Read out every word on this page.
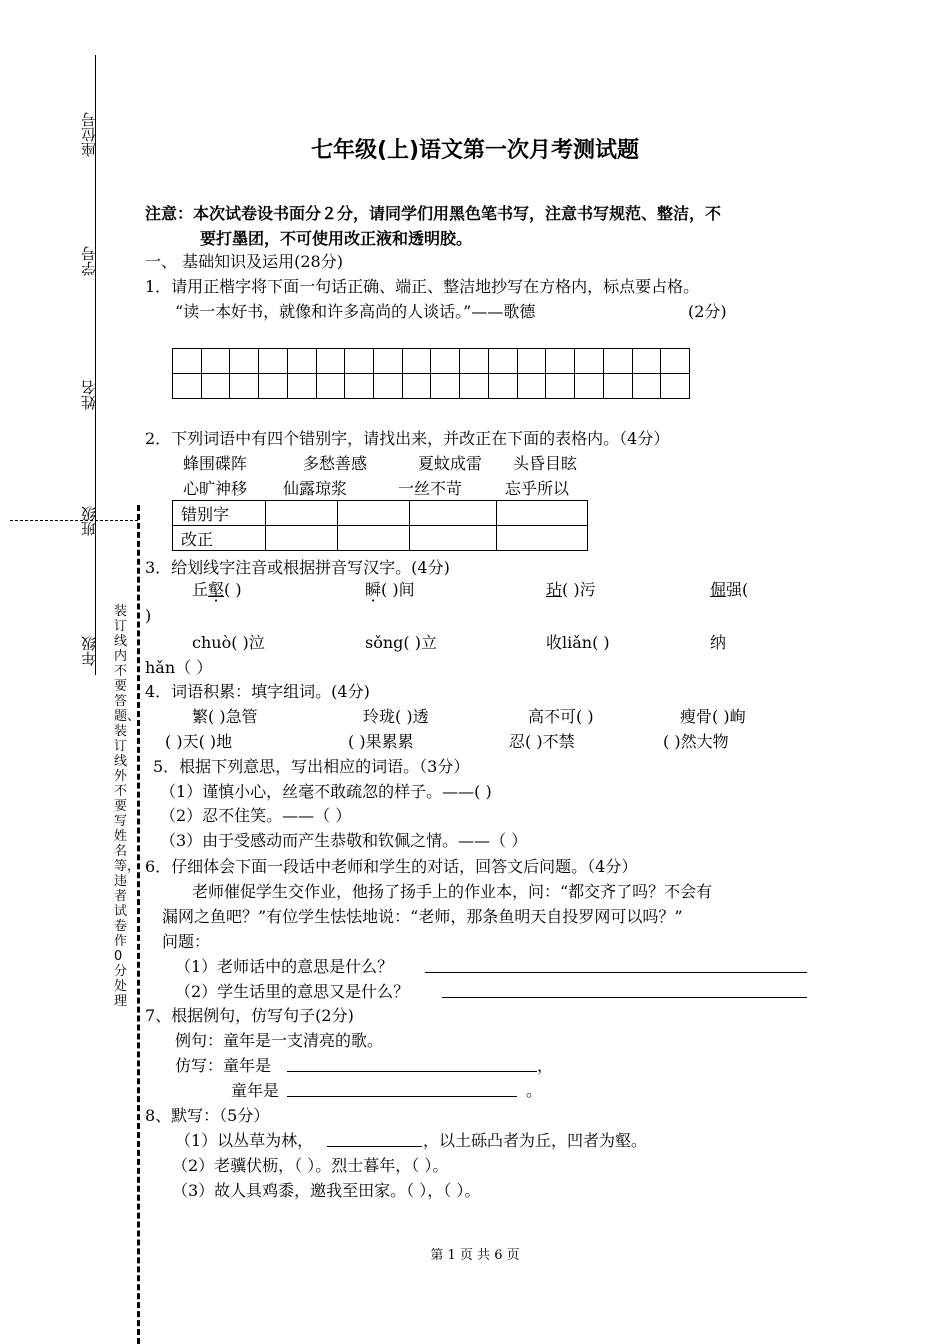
座位号
学号
姓名
班级
年级
装订线内不要答题、装订线外不要写姓名等，违者试卷作0分处理
七年级(上)语文第一次月考测试题
注意：本次试卷设书面分２分，请同学们用黑色笔书写，注意书写规范、整洁，不
要打墨团，不可使用改正液和透明胶。
一、 基础知识及运用(28分)
1．请用正楷字将下面一句话正确、端正、整洁地抄写在方格内，标点要占格。
“读一本好书，就像和许多高尚的人谈话。”——歌德	(2分)

2．下列词语中有四个错别字，请找出来，并改正在下面的表格内。（4分）
蜂围碟阵	多愁善感	夏蚊成雷 头昏目眩
心旷神移 仙露琼浆	一丝不苛	忘乎所以
错别字				
改正				
3．给划线字注音或根据拼音写汉字。(4分)
丘壑( )	瞬( )间	玷( )污	倔强(
)
chuò( )泣	sǒng( )立	收liǎn( )	纳
hǎn（ ）
4．词语积累：填字组词。(4分)
繁( )急管	玲珑( )透	高不可( )	瘦骨( )峋
( )天( )地	( )果累累	忍( )不禁	( )然大物
5．根据下列意思，写出相应的词语。（3分）
（1）谨慎小心，丝毫不敢疏忽的样子。——( )
（2）忍不住笑。——（ ）
（3）由于受感动而产生恭敬和钦佩之情。——（ ）
6．仔细体会下面一段话中老师和学生的对话，回答文后问题。（4分）
老师催促学生交作业，他扬了扬手上的作业本，问：“都交齐了吗？不会有
漏网之鱼吧？”有位学生怯怯地说：“老师，那条鱼明天自投罗网可以吗？”
问题：
（1）老师话中的意思是什么？
（2）学生话里的意思又是什么？
7、根据例句，仿写句子(2分)
例句：童年是一支清亮的歌。
仿写：童年是	，
童年是	。
8、默写：（5分）
（1）以丛草为林，	，以土砾凸者为丘，凹者为壑。
（2）老骥伏枥，（ ）。烈士暮年，（ ）。
（3）故人具鸡黍，邀我至田家。（ ），（ ）。
第 1 页 共 6 页
